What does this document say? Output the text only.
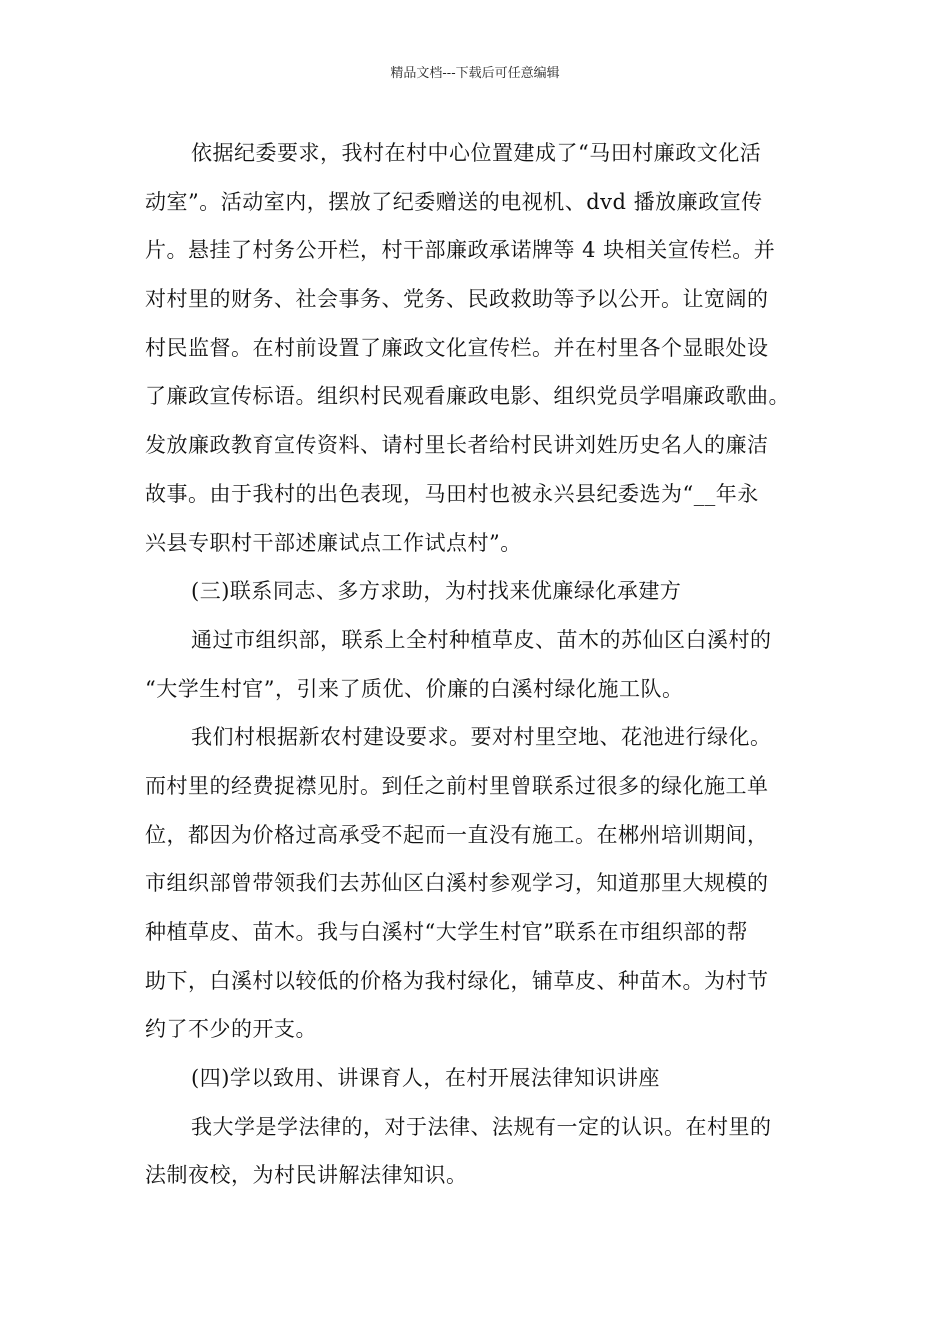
精品文档---下载后可任意编辑
依据纪委要求，我村在村中心位置建成了“马田村廉政文化活
动室”。活动室内，摆放了纪委赠送的电视机、dvd 播放廉政宣传
片。悬挂了村务公开栏，村干部廉政承诺牌等 4 块相关宣传栏。并
对村里的财务、社会事务、党务、民政救助等予以公开。让宽阔的
村民监督。在村前设置了廉政文化宣传栏。并在村里各个显眼处设
了廉政宣传标语。组织村民观看廉政电影、组织党员学唱廉政歌曲。
发放廉政教育宣传资料、请村里长者给村民讲刘姓历史名人的廉洁
故事。由于我村的出色表现，马田村也被永兴县纪委选为“__年永
兴县专职村干部述廉试点工作试点村”。
(三)联系同志、多方求助，为村找来优廉绿化承建方
通过市组织部，联系上全村种植草皮、苗木的苏仙区白溪村的
“大学生村官”，引来了质优、价廉的白溪村绿化施工队。
我们村根据新农村建设要求。要对村里空地、花池进行绿化。
而村里的经费捉襟见肘。到任之前村里曾联系过很多的绿化施工单
位，都因为价格过高承受不起而一直没有施工。在郴州培训期间，
市组织部曾带领我们去苏仙区白溪村参观学习，知道那里大规模的
种植草皮、苗木。我与白溪村“大学生村官”联系在市组织部的帮
助下，白溪村以较低的价格为我村绿化，铺草皮、种苗木。为村节
约了不少的开支。
(四)学以致用、讲课育人，在村开展法律知识讲座
我大学是学法律的，对于法律、法规有一定的认识。在村里的
法制夜校，为村民讲解法律知识。
